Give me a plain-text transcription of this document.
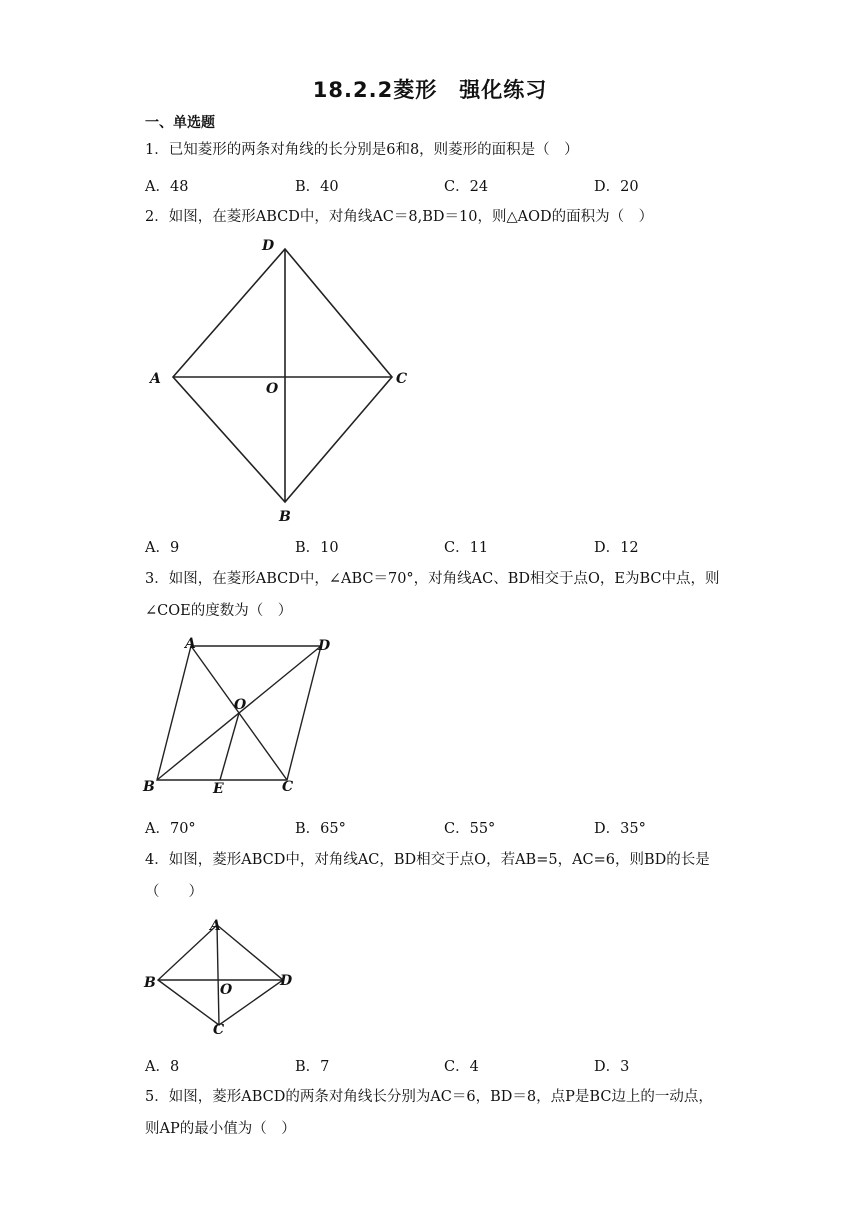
18.2.2菱形　强化练习
一、单选题
1．已知菱形的两条对角线的长分别是6和8，则菱形的面积是（　）
A．48	B．40	C．24	D．20
2．如图，在菱形ABCD中，对角线AC＝8,BD＝10，则△AOD的面积为（　）
D
A	C
O
B
A．9	B．10	C．11	D．12
3．如图，在菱形ABCD中，∠ABC＝70°，对角线AC、BD相交于点O，E为BC中点，则∠COE的度数为（　）
A	D
O
B	E	C
A．70°	B．65°	C．55°	D．35°
4．如图，菱形ABCD中，对角线AC，BD相交于点O，若AB=5，AC=6，则BD的长是（　　）
A
B	D
O
C
A．8	B．7	C．4	D．3
5．如图，菱形ABCD的两条对角线长分别为AC＝6，BD＝8，点P是BC边上的一动点，则AP的最小值为（　）
